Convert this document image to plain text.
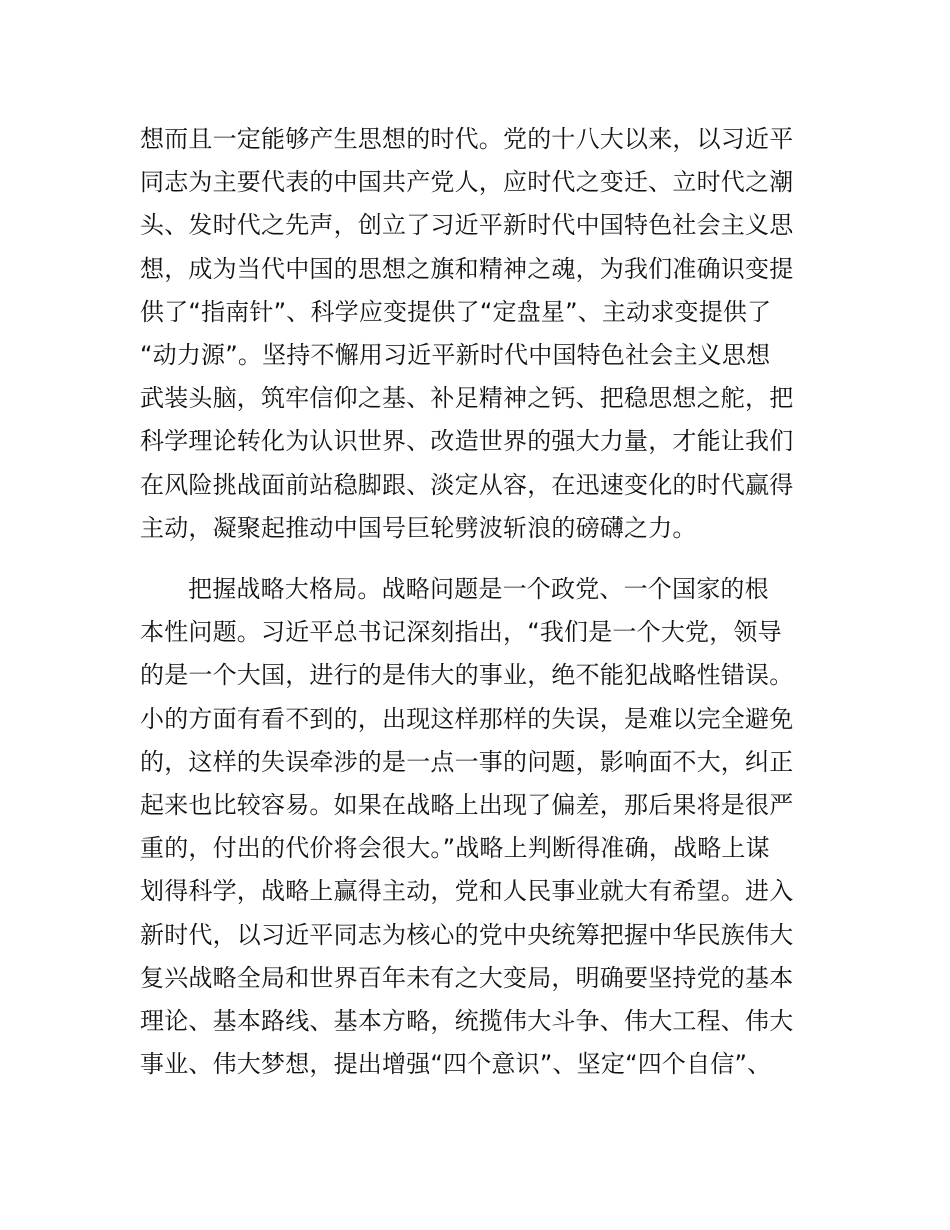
想而且一定能够产生思想的时代。党的十八大以来，以习近平
同志为主要代表的中国共产党人，应时代之变迁、立时代之潮
头、发时代之先声，创立了习近平新时代中国特色社会主义思
想，成为当代中国的思想之旗和精神之魂，为我们准确识变提
供了“指南针”、科学应变提供了“定盘星”、主动求变提供了
“动力源”。坚持不懈用习近平新时代中国特色社会主义思想
武装头脑，筑牢信仰之基、补足精神之钙、把稳思想之舵，把
科学理论转化为认识世界、改造世界的强大力量，才能让我们
在风险挑战面前站稳脚跟、淡定从容，在迅速变化的时代赢得
主动，凝聚起推动中国号巨轮劈波斩浪的磅礴之力。
把握战略大格局。战略问题是一个政党、一个国家的根
本性问题。习近平总书记深刻指出，“我们是一个大党，领导
的是一个大国，进行的是伟大的事业，绝不能犯战略性错误。
小的方面有看不到的，出现这样那样的失误，是难以完全避免
的，这样的失误牵涉的是一点一事的问题，影响面不大，纠正
起来也比较容易。如果在战略上出现了偏差，那后果将是很严
重的，付出的代价将会很大。”战略上判断得准确，战略上谋
划得科学，战略上赢得主动，党和人民事业就大有希望。进入
新时代，以习近平同志为核心的党中央统筹把握中华民族伟大
复兴战略全局和世界百年未有之大变局，明确要坚持党的基本
理论、基本路线、基本方略，统揽伟大斗争、伟大工程、伟大
事业、伟大梦想，提出增强“四个意识”、坚定“四个自信”、
